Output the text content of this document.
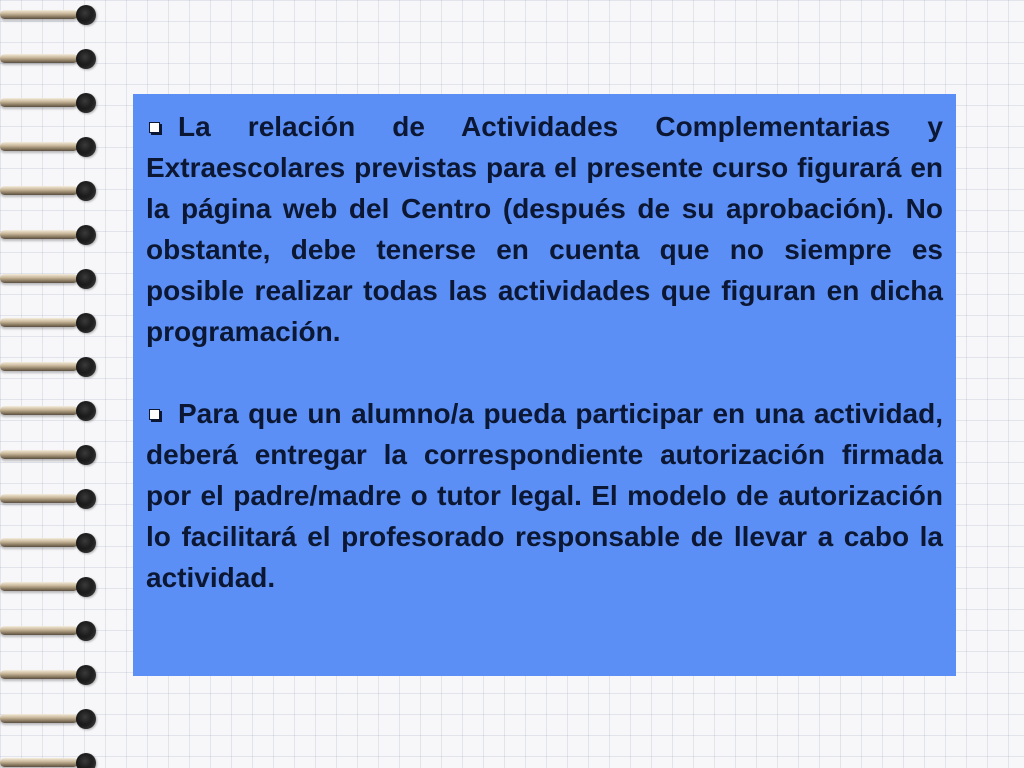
La relación de Actividades Complementarias y Extraescolares previstas para el presente curso figurará en la página web del Centro (después de su aprobación). No obstante, debe tenerse en cuenta que no siempre es posible realizar todas las actividades que figuran en dicha programación.

Para que un alumno/a pueda participar en una actividad, deberá entregar la correspondiente autorización firmada por el padre/madre o tutor legal. El modelo de autorización lo facilitará el profesorado responsable de llevar a cabo la actividad.
